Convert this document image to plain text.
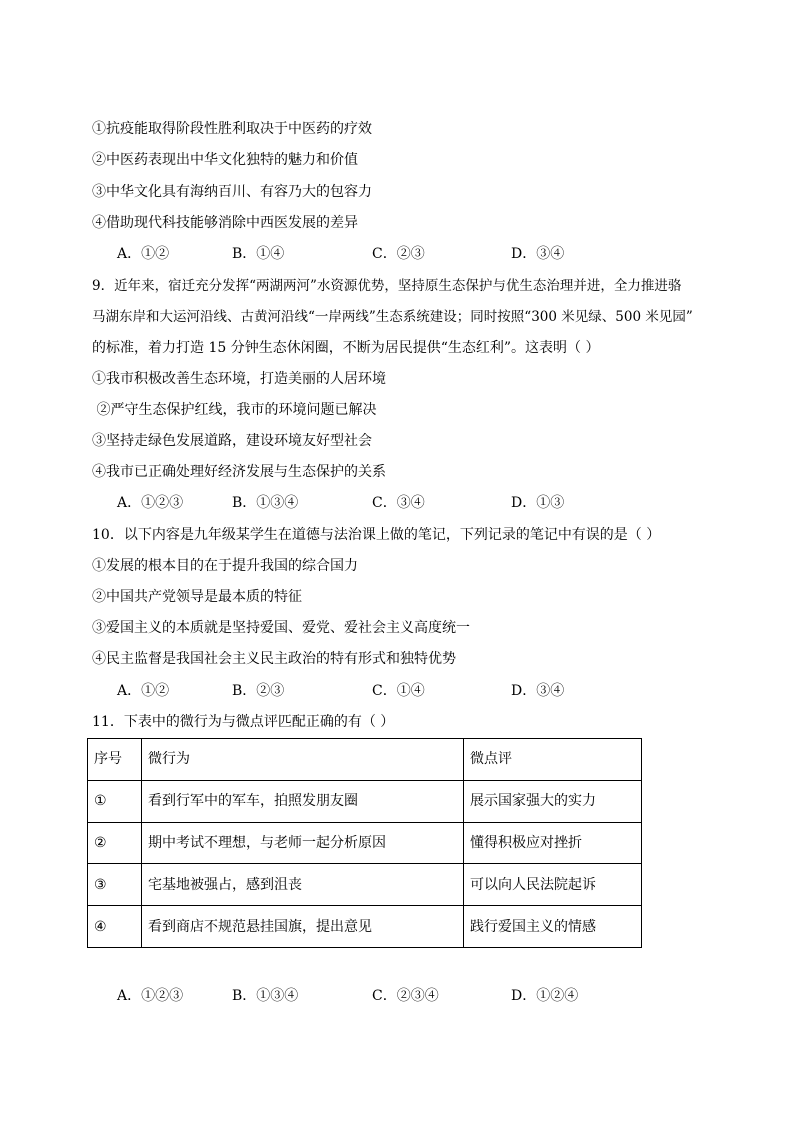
①抗疫能取得阶段性胜利取决于中医药的疗效
②中医药表现出中华文化独特的魅力和价值
③中华文化具有海纳百川、有容乃大的包容力
④借助现代科技能够消除中西医发展的差异
A．①②	B．①④	C．②③	D．③④
9．近年来，宿迁充分发挥“两湖两河”水资源优势，坚持原生态保护与优生态治理并进，全力推进骆
马湖东岸和大运河沿线、古黄河沿线“一岸两线”生态系统建设；同时按照“300 米见绿、500 米见园”
的标准，着力打造 15 分钟生态休闲圈，不断为居民提供“生态红利”。这表明（ ）
①我市积极改善生态环境，打造美丽的人居环境
②严守生态保护红线，我市的环境问题已解决
③坚持走绿色发展道路，建设环境友好型社会
④我市已正确处理好经济发展与生态保护的关系
A．①②③	B．①③④	C．③④	D．①③
10．以下内容是九年级某学生在道德与法治课上做的笔记，下列记录的笔记中有误的是（ ）
①发展的根本目的在于提升我国的综合国力
②中国共产党领导是最本质的特征
③爱国主义的本质就是坚持爱国、爱党、爱社会主义高度统一
④民主监督是我国社会主义民主政治的特有形式和独特优势
A．①②	B．②③	C．①④	D．③④
11．下表中的微行为与微点评匹配正确的有（ ）
序号	微行为	微点评
①	看到行军中的军车，拍照发朋友圈	展示国家强大的实力
②	期中考试不理想，与老师一起分析原因	懂得积极应对挫折
③	宅基地被强占，感到沮丧	可以向人民法院起诉
④	看到商店不规范悬挂国旗，提出意见	践行爱国主义的情感
A．①②③	B．①③④	C．②③④	D．①②④
